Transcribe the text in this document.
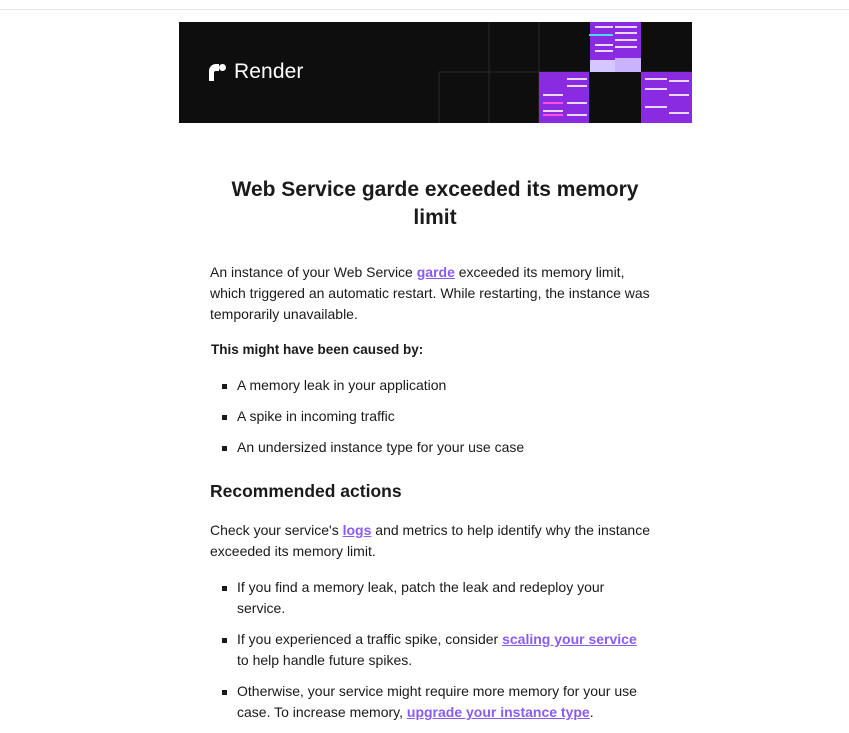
Render
Web Service garde exceeded its memory limit

An instance of your Web Service garde exceeded its memory limit, which triggered an automatic restart. While restarting, the instance was temporarily unavailable.

This might have been caused by:

A memory leak in your application
A spike in incoming traffic
An undersized instance type for your use case
Recommended actions

Check your service's logs and metrics to help identify why the instance exceeded its memory limit.

If you find a memory leak, patch the leak and redeploy your service.
If you experienced a traffic spike, consider scaling your service to help handle future spikes.
Otherwise, your service might require more memory for your use case. To increase memory, upgrade your instance type.
